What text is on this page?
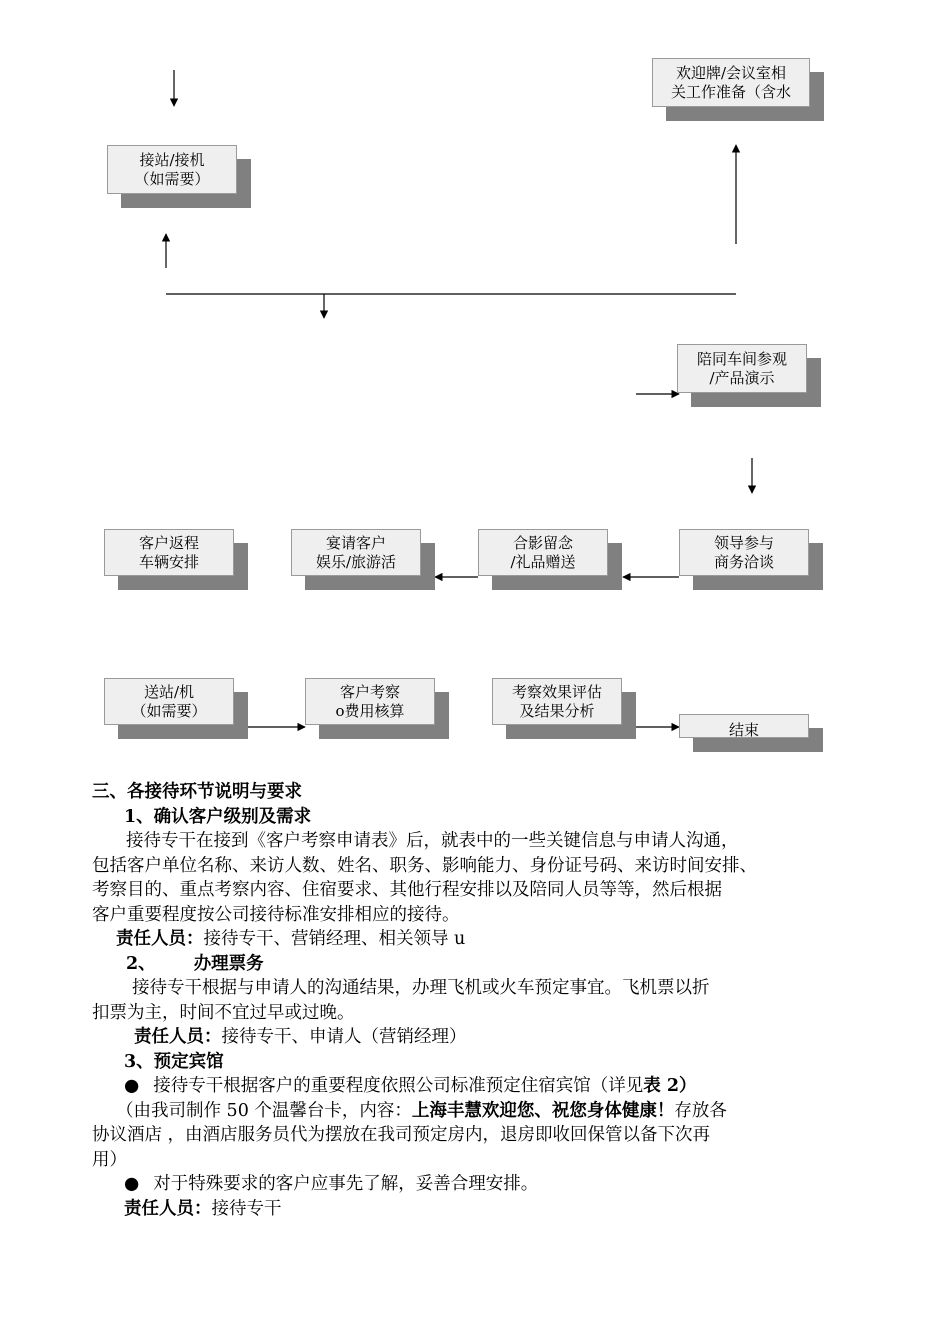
欢迎牌/会议室相
关工作准备（含水
接站/接机
（如需要）
陪同车间参观
/产品演示
客户返程
车辆安排
宴请客户
娱乐/旅游活
合影留念
/礼品赠送
领导参与
商务洽谈
送站/机
（如需要）
客户考察
o费用核算
考察效果评估
及结果分析
结束

三、各接待环节说明与要求

1、确认客户级别及需求

接待专干在接到《客户考察申请表》后，就表中的一些关键信息与申请人沟通，

包括客户单位名称、来访人数、姓名、职务、影响能力、身份证号码、来访时间安排、

考察目的、重点考察内容、住宿要求、其他行程安排以及陪同人员等等，然后根据

客户重要程度按公司接待标准安排相应的接待。

责任人员：接待专干、营销经理、相关领导 u

2、 办理票务

接待专干根据与申请人的沟通结果，办理飞机或火车预定事宜。飞机票以折

扣票为主，时间不宜过早或过晚。

责任人员：接待专干、申请人（营销经理）

3、预定宾馆

● 接待专干根据客户的重要程度依照公司标准预定住宿宾馆（详见表 2）

（由我司制作 50 个温馨台卡，内容：上海丰慧欢迎您、祝您身体健康！存放各

协议酒店 ，由酒店服务员代为摆放在我司预定房内，退房即收回保管以备下次再

用）

● 对于特殊要求的客户应事先了解，妥善合理安排。

责任人员：接待专干
